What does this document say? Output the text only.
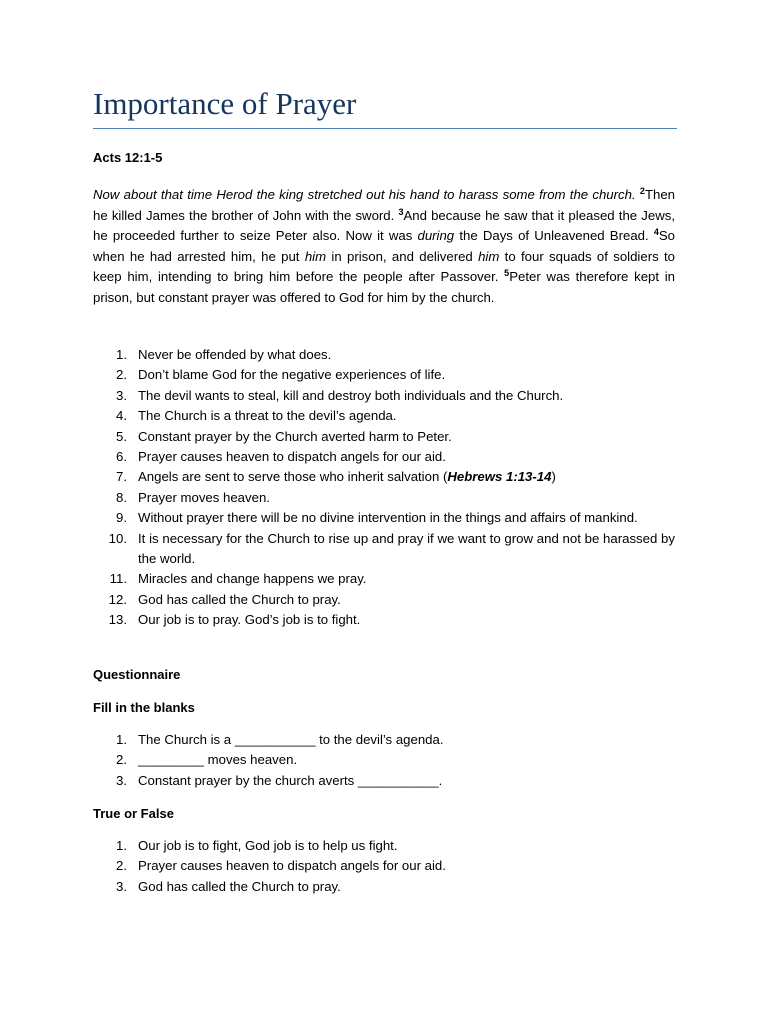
Importance of Prayer

Acts 12:1-5

Now about that time Herod the king stretched out his hand to harass some from the church. $^2$Then he killed James the brother of John with the sword. $^3$And because he saw that it pleased the Jews, he proceeded further to seize Peter also. Now it was during the Days of Unleavened Bread. $^4$So when he had arrested him, he put him in prison, and delivered him to four squads of soldiers to keep him, intending to bring him before the people after Passover. $^5$Peter was therefore kept in prison, but constant prayer was offered to God for him by the church.

1. Never be offended by what does.
2. Don’t blame God for the negative experiences of life.
3. The devil wants to steal, kill and destroy both individuals and the Church.
4. The Church is a threat to the devil’s agenda.
5. Constant prayer by the Church averted harm to Peter.
6. Prayer causes heaven to dispatch angels for our aid.
7. Angels are sent to serve those who inherit salvation (Hebrews 1:13-14)
8. Prayer moves heaven.
9. Without prayer there will be no divine intervention in the things and affairs of mankind.
10. It is necessary for the Church to rise up and pray if we want to grow and not be harassed by the world.
11. Miracles and change happens we pray.
12. God has called the Church to pray.
13. Our job is to pray. God’s job is to fight.

Questionnaire

Fill in the blanks

1. The Church is a ___________ to the devil’s agenda.
2. _________ moves heaven.
3. Constant prayer by the church averts ___________.

True or False

1. Our job is to fight, God job is to help us fight.
2. Prayer causes heaven to dispatch angels for our aid.
3. God has called the Church to pray.
